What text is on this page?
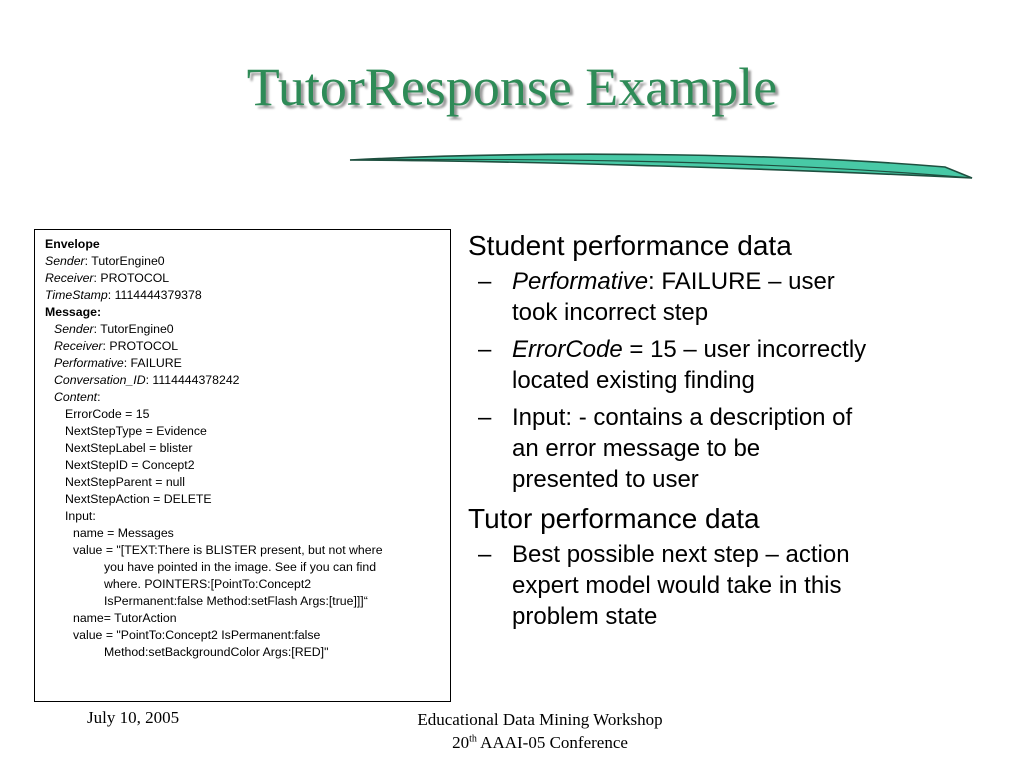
TutorResponse Example
Envelope
Sender: TutorEngine0
Receiver: PROTOCOL
TimeStamp: 1114444379378
Message:
Sender: TutorEngine0
Receiver: PROTOCOL
Performative: FAILURE
Conversation_ID: 1114444378242
Content:
ErrorCode = 15
NextStepType = Evidence
NextStepLabel = blister
NextStepID = Concept2
NextStepParent = null
NextStepAction = DELETE
Input:
name = Messages
value = "[TEXT:There is BLISTER present, but not where
you have pointed in the image. See if you can find
where. POINTERS:[PointTo:Concept2
IsPermanent:false Method:setFlash Args:[true]]]“
name= TutorAction
value = "PointTo:Concept2 IsPermanent:false
Method:setBackgroundColor Args:[RED]"
Student performance data
– Performative: FAILURE – user
took incorrect step
– ErrorCode = 15 – user incorrectly
located existing finding
– Input: - contains a description of
an error message to be
presented to user
Tutor performance data
– Best possible next step – action
expert model would take in this
problem state
July 10, 2005	Educational Data Mining Workshop
20th AAAI-05 Conference
